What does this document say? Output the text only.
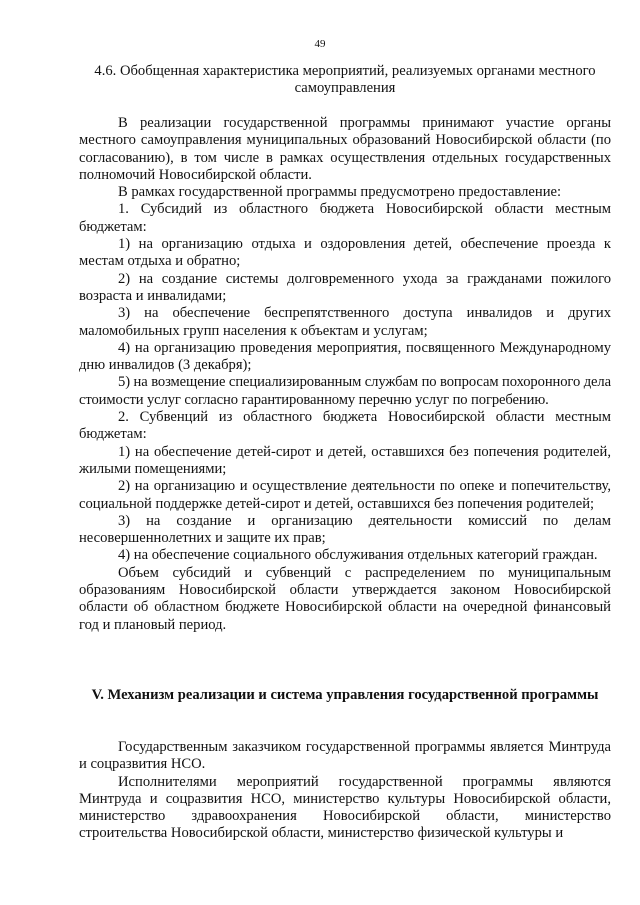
49
4.6. Обобщенная характеристика мероприятий, реализуемых органами местного самоуправления

В реализации государственной программы принимают участие органы местного самоуправления муниципальных образований Новосибирской области (по согласованию), в том числе в рамках осуществления отдельных государственных полномочий Новосибирской области.

В рамках государственной программы предусмотрено предоставление:

1. Субсидий из областного бюджета Новосибирской области местным бюджетам:

1) на организацию отдыха и оздоровления детей, обеспечение проезда к местам отдыха и обратно;

2) на создание системы долговременного ухода за гражданами пожилого возраста и инвалидами;

3) на обеспечение беспрепятственного доступа инвалидов и других маломобильных групп населения к объектам и услугам;

4) на организацию проведения мероприятия, посвященного Международному дню инвалидов (3 декабря);

5) на возмещение специализированным службам по вопросам похоронного дела стоимости услуг согласно гарантированному перечню услуг по погребению.

2. Субвенций из областного бюджета Новосибирской области местным бюджетам:

1) на обеспечение детей-сирот и детей, оставшихся без попечения родителей, жилыми помещениями;

2) на организацию и осуществление деятельности по опеке и попечительству, социальной поддержке детей-сирот и детей, оставшихся без попечения родителей;

3) на создание и организацию деятельности комиссий по делам несовершеннолетних и защите их прав;

4) на обеспечение социального обслуживания отдельных категорий граждан.

Объем субсидий и субвенций с распределением по муниципальным образованиям Новосибирской области утверждается законом Новосибирской области об областном бюджете Новосибирской области на очередной финансовый год и плановый период.

V. Механизм реализации и система управления государственной программы

Государственным заказчиком государственной программы является Минтруда и соцразвития НСО.

Исполнителями мероприятий государственной программы являются Минтруда и соцразвития НСО, министерство культуры Новосибирской области, министерство здравоохранения Новосибирской области, министерство строительства Новосибирской области, министерство физической культуры и
